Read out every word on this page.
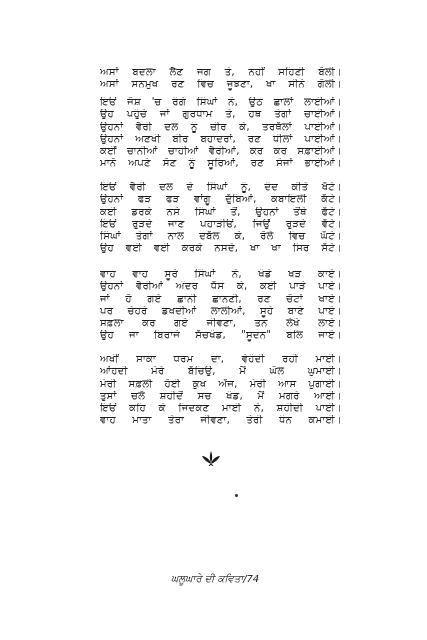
ਅਸਾਂ ਬਦਲਾ ਲੈਣ ਜਗ ਤੇ, ਨਹੀਂ ਸਹਿਣੀ ਬੋਲੀ।
ਅਸਾਂ ਸਨਮੁਖ ਰਣ ਵਿਚ ਜੂਝਣਾ, ਖਾ ਸੀਨੇ ਗੋਲੀ।
ਇਓਂ ਜੋਸ਼ 'ਚ ਰੰਗੇ ਸਿੰਘਾਂ ਨੇ, ਉਠ ਛਾਲਾਂ ਲਾਈਆਂ।
ਉਹ ਪਹੁੰਚੇ ਜਾਂ ਗੁਰਧਾਮ ਤੇ, ਹਥ ਤੇਗਾਂ ਚਾਈਆਂ।
ਉਹਨਾਂ ਵੈਰੀ ਦਲ ਨੂੰ ਚੀਰ ਕੇ, ਤਰਥੱਲਾਂ ਪਾਈਆਂ।
ਉਹਨਾਂ ਅਣਖੀ ਬੀਰ ਬਹਾਦਰਾਂ, ਰਣ ਧੀਲਾਂ ਪਾਈਆਂ।
ਕਈਂ ਚਾਨੀਆਂ ਚਾਹੀਆਂ ਵੈਰੀਆਂ, ਕਰ ਕਰ ਸਫ਼ਾਈਆਂ।
ਮਾਨੋ ਅਪਣੇ ਸੋਣ ਨੂੰ ਸੂਰਿਆਂ, ਰਣ ਸੇਜਾਂ ਭਾਈਆਂ।
ਇਓਂ ਵੈਰੀ ਦਲ ਦੇ ਸਿੰਘਾਂ ਨੂੰ, ਦੰਦ ਕੀਤੇ ਖੱਟੇ।
ਉਹਨਾਂ ਫੜ ਫੜ ਵਾਂਗੂ ਦੁੱਬਿਆਂ, ਕਬਾਇਲੀ ਕੱਟੇ।
ਕਈ ਡਰਕੇ ਨਸੇ ਸਿੰਘਾਂ ਤੋਂ, ਉਹਨਾਂ ਤੋਂਥੇ ਫੱਟੇ।
ਇਓਂ ਰੁੜਦੇ ਜਾਣ ਪਹਾੜੀਓਂ, ਜਿਉਂ ਰੁੜਦੇ ਵੱਟੇ।
ਸਿੰਘਾਂ ਤੇਗਾਂ ਨਾਲ ਦਬੱਲ ਕੇ, ਰੋਲੇ ਵਿਚ ਘੱਟੇ।
ਉਹ ਵਈ ਵਈ ਕਰਕੇ ਨਸਦੇ, ਖਾ ਖਾ ਸਿਰ ਸੱਟੇ।
ਵਾਹ ਵਾਹ ਸੂਰੇ ਸਿੰਘਾਂ ਨੇ, ਖੰਡੇ ਖੜ ਕਾਏ।
ਉਹਨਾਂ ਵੈਰੀਆਂ ਅੰਦਰ ਧੱਸ ਕੇ, ਕਈ ਪਾੜੇ ਪਾਏ।
ਜਾਂ ਹੋ ਗਏ ਛਾਨੀ ਛਾਨਣੀ, ਰਣ ਚੋਟਾਂ ਖਾਏ।
ਪਰ ਚੇਹਰੇ ਡਖਦੀਆਂ ਲਾਲੀਆਂ, ਸੂਹੇ ਬਾਣੇ ਪਾਏ।
ਸਫ਼ਲਾ ਕਰ ਗਏ ਜੀਵਣਾ, ਤਨ ਲੇਖੇ ਲਾਏ।
ਉਹ ਜਾ ਬਿਰਾਜੇ ਸੱਚਖੰਡ, "ਸੂਦਨ" ਬਲਿ ਜਾਏ।
ਅਖੀਂ ਸਾਕਾ ਧਰਮ ਦਾ, ਵੇਹੰਦੀ ਰਹੀ ਮਾਈ।
ਆਂਹਦੀ ਮੇਰੇ ਬੱਚਿਉ, ਮੈਂ ਘੋਲ ਘੁਮਾਈ।
ਮੇਰੀ ਸਫ਼ਲੀ ਹੋਈ ਕੁਖ ਅੱਜ, ਮੇਰੀ ਆਸ ਪੁਗਾਈ।
ਤੁਸਾਂ ਚਲੋ ਸ਼ਹੀਦੋਂ ਸਚ ਖੰਡ, ਮੈਂ ਮਗਰੇ ਆਈ।
ਇਓਂ ਕਹਿ ਕੇ ਜਿਦਕਣ ਮਾਈ ਨੇ, ਸ਼ਹੀਦੀ ਪਾਈ।
ਵਾਹ ਮਾਤਾ ਤੇਰਾ ਜੀਵਣਾ, ਤੇਰੀ ਧੰਨ ਕਮਾਈ।
ਘਲੂਘਾਰੇ ਦੀ ਕਵਿਤਾ/74
